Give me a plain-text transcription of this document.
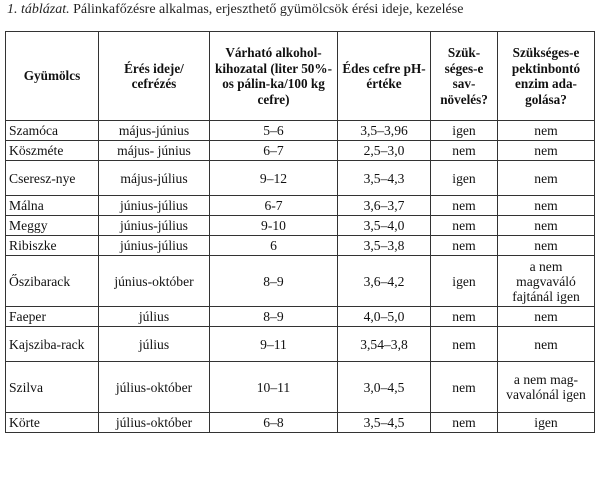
1. táblázat. Pálinkafőzésre alkalmas, erjeszthető gyümölcsök érési ideje, kezelése
Gyümölcs	Érés ideje/ cefrézés	Várható alkohol-kihozatal (liter 50%-os pálin-ka/100 kg cefre)	Édes cefre pH-értéke	Szük-séges-e sav-növelés?	Szükséges-e pektinbontó enzim ada-golása?
Szamóca	május-június	5–6	3,5–3,96	igen	nem
Köszméte	május- június	6–7	2,5–3,0	nem	nem
Cseresz-nye	május-július	9–12	3,5–4,3	igen	nem
Málna	június-július	6-7	3,6–3,7	nem	nem
Meggy	június-július	9-10	3,5–4,0	nem	nem
Ribiszke	június-július	6	3,5–3,8	nem	nem
Őszibarack	június-október	8–9	3,6–4,2	igen	a nem magvaváló fajtánál igen
Faeper	július	8–9	4,0–5,0	nem	nem
Kajsziba-rack	július	9–11	3,54–3,8	nem	nem
Szilva	július-október	10–11	3,0–4,5	nem	a nem mag-vavalónál igen
Körte	július-október	6–8	3,5–4,5	nem	igen
